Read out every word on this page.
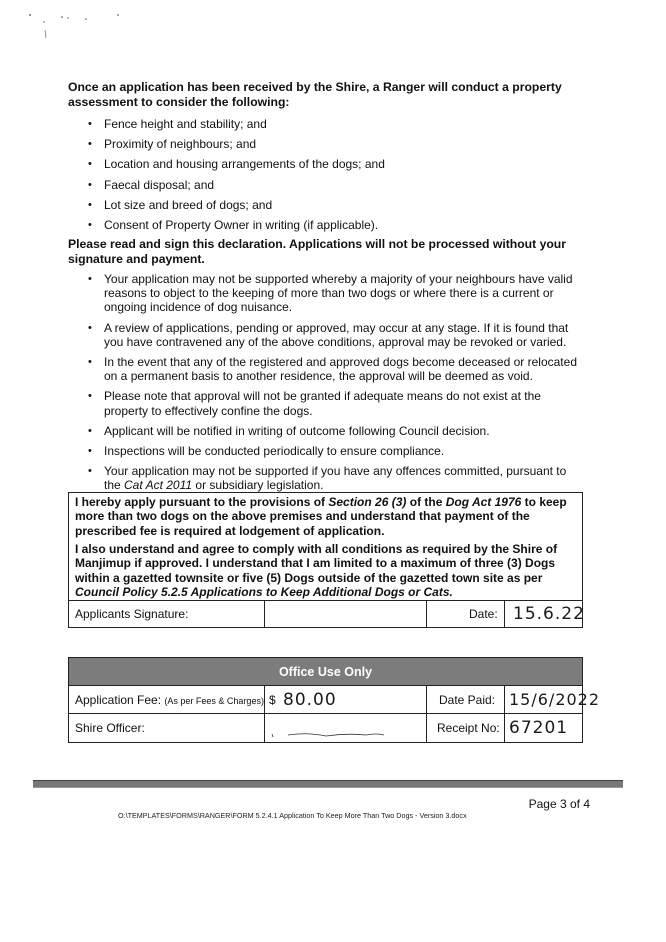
Once an application has been received by the Shire, a Ranger will conduct a property assessment to consider the following:
• Fence height and stability; and
• Proximity of neighbours; and
• Location and housing arrangements of the dogs; and
• Faecal disposal; and
• Lot size and breed of dogs; and
• Consent of Property Owner in writing (if applicable).
Please read and sign this declaration. Applications will not be processed without your signature and payment.
• Your application may not be supported whereby a majority of your neighbours have valid reasons to object to the keeping of more than two dogs or where there is a current or ongoing incidence of dog nuisance.
• A review of applications, pending or approved, may occur at any stage. If it is found that you have contravened any of the above conditions, approval may be revoked or varied.
• In the event that any of the registered and approved dogs become deceased or relocated on a permanent basis to another residence, the approval will be deemed as void.
• Please note that approval will not be granted if adequate means do not exist at the property to effectively confine the dogs.
• Applicant will be notified in writing of outcome following Council decision.
• Inspections will be conducted periodically to ensure compliance.
• Your application may not be supported if you have any offences committed, pursuant to the Cat Act 2011 or subsidiary legislation.

I hereby apply pursuant to the provisions of Section 26 (3) of the Dog Act 1976 to keep more than two dogs on the above premises and understand that payment of the prescribed fee is required at lodgement of application.

I also understand and agree to comply with all conditions as required by the Shire of Manjimup if approved. I understand that I am limited to a maximum of three (3) Dogs within a gazetted townsite or five (5) Dogs outside of the gazetted town site as per Council Policy 5.2.5 Applications to Keep Additional Dogs or Cats.

Applicants Signature:	Date: 15.6.22
Office Use Only
Application Fee: (As per Fees & Charges) $ 80.00	Date Paid: 15/6/2022
Shire Officer:	Receipt No: 67201
Page 3 of 4
O:\TEMPLATES\FORMS\RANGER\FORM 5.2.4.1 Application To Keep More Than Two Dogs - Version 3.docx
